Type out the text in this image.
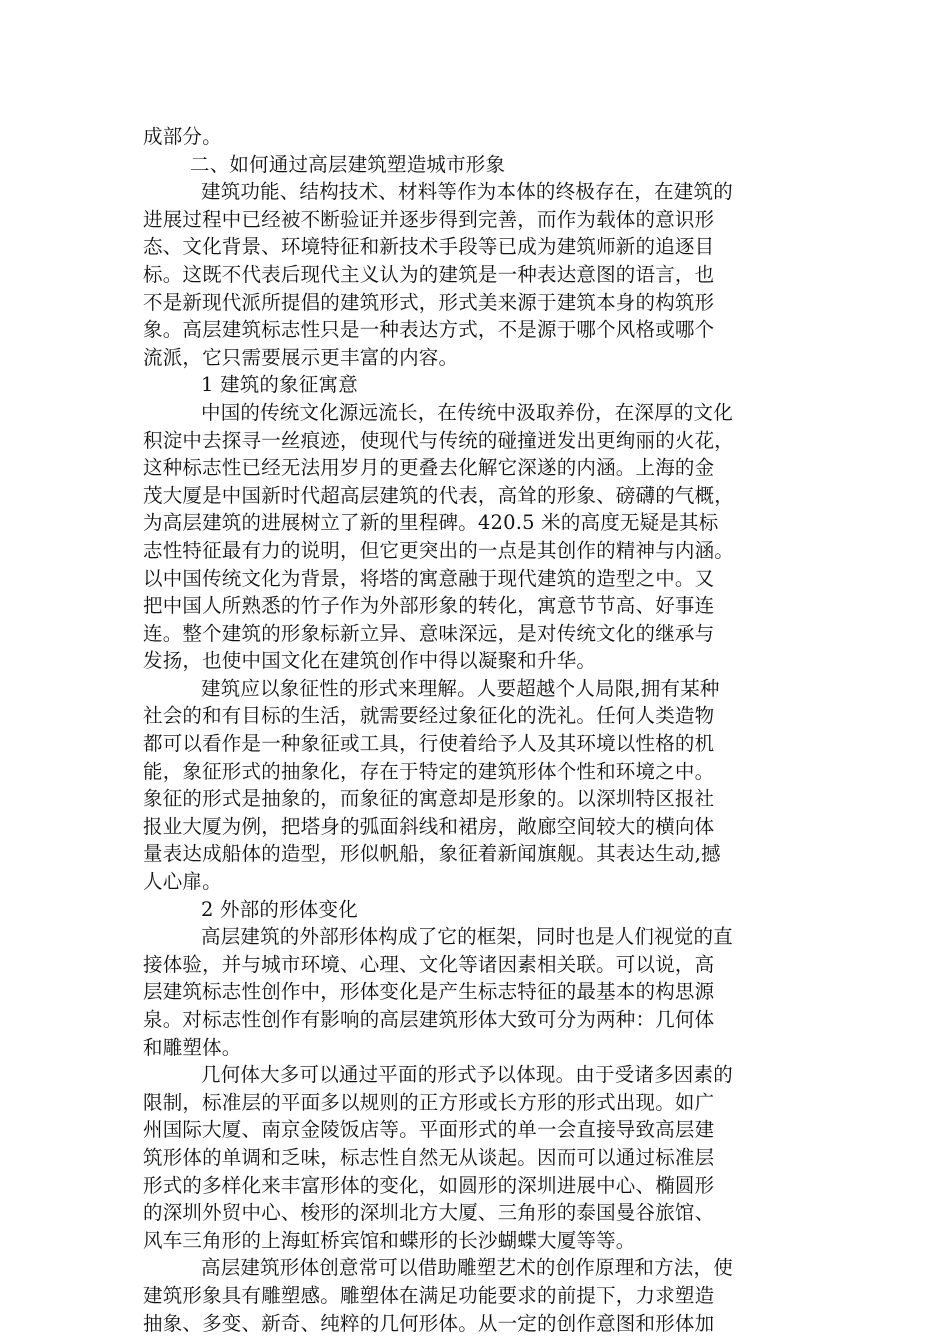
成部分。
二、如何通过高层建筑塑造城市形象
建筑功能、结构技术、材料等作为本体的终极存在，在建筑的
进展过程中已经被不断验证并逐步得到完善，而作为载体的意识形
态、文化背景、环境特征和新技术手段等已成为建筑师新的追逐目
标。这既不代表后现代主义认为的建筑是一种表达意图的语言，也
不是新现代派所提倡的建筑形式，形式美来源于建筑本身的构筑形
象。高层建筑标志性只是一种表达方式，不是源于哪个风格或哪个
流派，它只需要展示更丰富的内容。
1 建筑的象征寓意
中国的传统文化源远流长，在传统中汲取养份，在深厚的文化
积淀中去探寻一丝痕迹，使现代与传统的碰撞迸发出更绚丽的火花，
这种标志性已经无法用岁月的更叠去化解它深遂的内涵。上海的金
茂大厦是中国新时代超高层建筑的代表，高耸的形象、磅礴的气概，
为高层建筑的进展树立了新的里程碑。420.5 米的高度无疑是其标
志性特征最有力的说明，但它更突出的一点是其创作的精神与内涵。
以中国传统文化为背景，将塔的寓意融于现代建筑的造型之中。又
把中国人所熟悉的竹子作为外部形象的转化，寓意节节高、好事连
连。整个建筑的形象标新立异、意味深远，是对传统文化的继承与
发扬，也使中国文化在建筑创作中得以凝聚和升华。
建筑应以象征性的形式来理解。人要超越个人局限,拥有某种
社会的和有目标的生活，就需要经过象征化的洗礼。任何人类造物
都可以看作是一种象征或工具，行使着给予人及其环境以性格的机
能，象征形式的抽象化，存在于特定的建筑形体个性和环境之中。
象征的形式是抽象的，而象征的寓意却是形象的。以深圳特区报社
报业大厦为例，把塔身的弧面斜线和裙房，敞廊空间较大的横向体
量表达成船体的造型，形似帆船，象征着新闻旗舰。其表达生动,撼
人心扉。
2 外部的形体变化
高层建筑的外部形体构成了它的框架，同时也是人们视觉的直
接体验，并与城市环境、心理、文化等诸因素相关联。可以说，高
层建筑标志性创作中，形体变化是产生标志特征的最基本的构思源
泉。对标志性创作有影响的高层建筑形体大致可分为两种：几何体
和雕塑体。
几何体大多可以通过平面的形式予以体现。由于受诸多因素的
限制，标准层的平面多以规则的正方形或长方形的形式出现。如广
州国际大厦、南京金陵饭店等。平面形式的单一会直接导致高层建
筑形体的单调和乏味，标志性自然无从谈起。因而可以通过标准层
形式的多样化来丰富形体的变化，如圆形的深圳进展中心、椭圆形
的深圳外贸中心、梭形的深圳北方大厦、三角形的泰国曼谷旅馆、
风车三角形的上海虹桥宾馆和蝶形的长沙蝴蝶大厦等等。
高层建筑形体创意常可以借助雕塑艺术的创作原理和方法，使
建筑形象具有雕塑感。雕塑体在满足功能要求的前提下，力求塑造
抽象、多变、新奇、纯粹的几何形体。从一定的创作意图和形体加
